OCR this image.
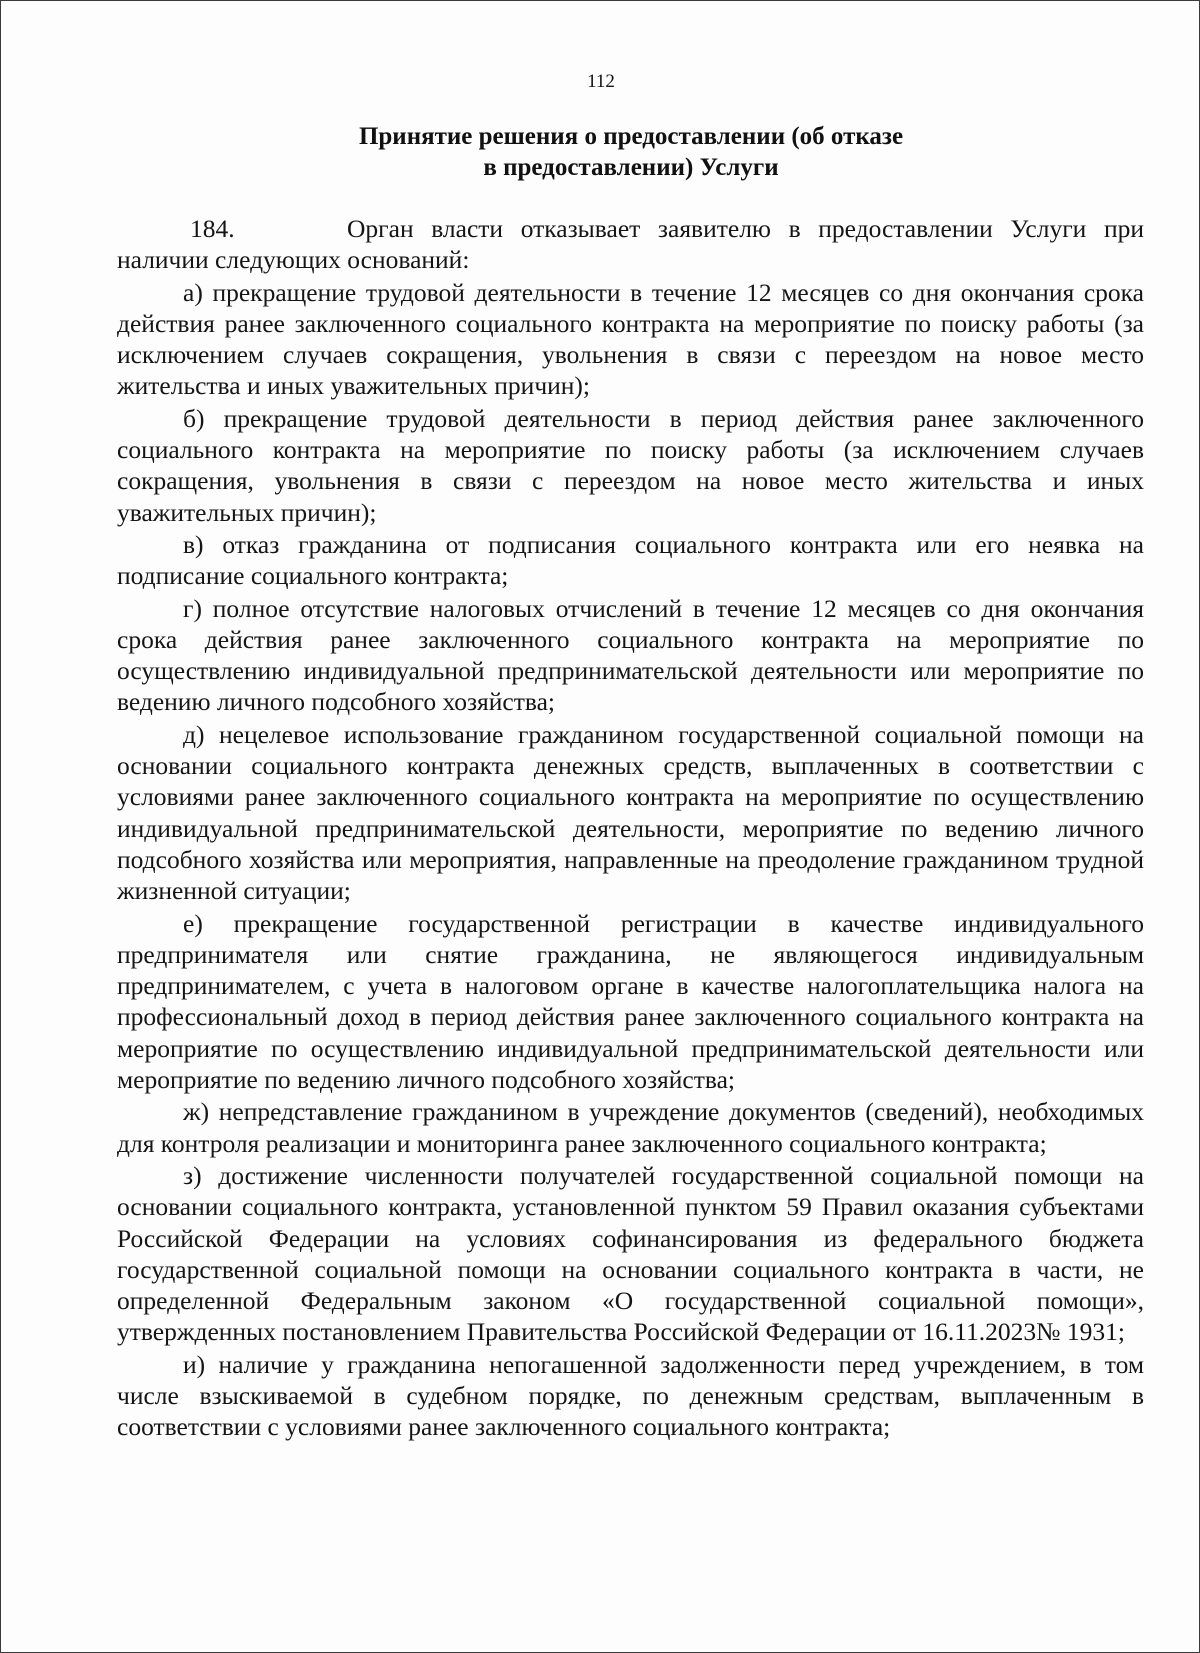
112
Принятие решения о предоставлении (об отказе
в предоставлении) Услуги

184.	Орган власти отказывает заявителю в предоставлении Услуги при наличии следующих оснований:

а) прекращение трудовой деятельности в течение 12 месяцев со дня окончания срока действия ранее заключенного социального контракта на мероприятие по поиску работы (за исключением случаев сокращения, увольнения в связи с переездом на новое место жительства и иных уважительных причин);

б) прекращение трудовой деятельности в период действия ранее заключенного социального контракта на мероприятие по поиску работы (за исключением случаев сокращения, увольнения в связи с переездом на новое место жительства и иных уважительных причин);

в) отказ гражданина от подписания социального контракта или его неявка на подписание социального контракта;

г) полное отсутствие налоговых отчислений в течение 12 месяцев со дня окончания срока действия ранее заключенного социального контракта на мероприятие по осуществлению индивидуальной предпринимательской деятельности или мероприятие по ведению личного подсобного хозяйства;

д) нецелевое использование гражданином государственной социальной помощи на основании социального контракта денежных средств, выплаченных в соответствии с условиями ранее заключенного социального контракта на мероприятие по осуществлению индивидуальной предпринимательской деятельности, мероприятие по ведению личного подсобного хозяйства или мероприятия, направленные на преодоление гражданином трудной жизненной ситуации;

е) прекращение государственной регистрации в качестве индивидуального предпринимателя или снятие гражданина, не являющегося индивидуальным предпринимателем, с учета в налоговом органе в качестве налогоплательщика налога на профессиональный доход в период действия ранее заключенного социального контракта на мероприятие по осуществлению индивидуальной предпринимательской деятельности или мероприятие по ведению личного подсобного хозяйства;

ж) непредставление гражданином в учреждение документов (сведений), необходимых для контроля реализации и мониторинга ранее заключенного социального контракта;

з) достижение численности получателей государственной социальной помощи на основании социального контракта, установленной пунктом 59 Правил оказания субъектами Российской Федерации на условиях софинансирования из федерального бюджета государственной социальной помощи на основании социального контракта в части, не определенной Федеральным законом «О государственной социальной помощи», утвержденных постановлением Правительства Российской Федерации от 16.11.2023№ 1931;

и) наличие у гражданина непогашенной задолженности перед учреждением, в том числе взыскиваемой в судебном порядке, по денежным средствам, выплаченным в соответствии с условиями ранее заключенного социального контракта;
